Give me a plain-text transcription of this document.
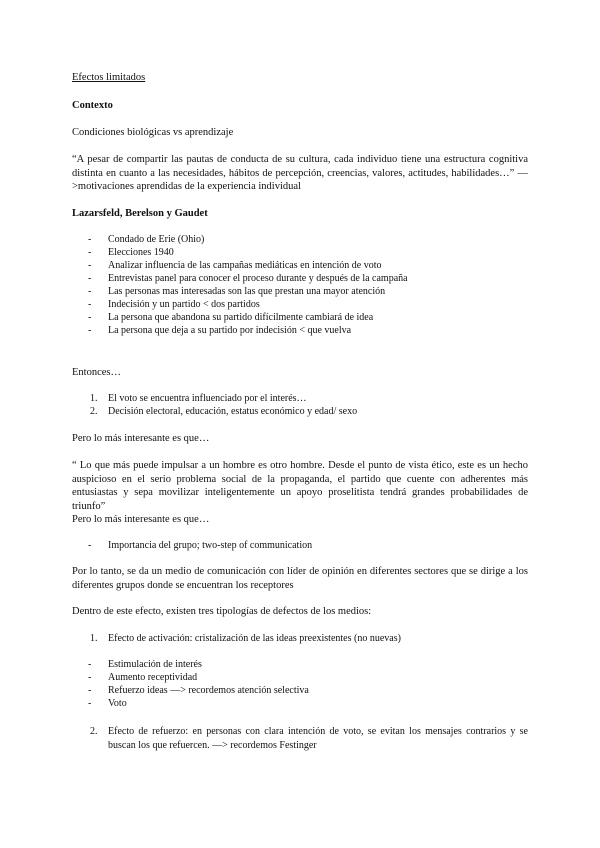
Efectos limitados
Contexto
Condiciones biológicas vs aprendizaje
“A pesar de compartir las pautas de conducta de su cultura, cada individuo tiene una estructura cognitiva distinta en cuanto a las necesidades, hábitos de percepción, creencias, valores, actitudes, habilidades…” —>motivaciones aprendidas de la experiencia individual
Lazarsfeld, Berelson y Gaudet
- Condado de Erie (Ohio)
- Elecciones 1940
- Analizar influencia de las campañas mediáticas en intención de voto
- Entrevistas panel para conocer el proceso durante y después de la campaña
- Las personas mas interesadas son las que prestan una mayor atención
- Indecisión y un partido < dos partidos
- La persona que abandona su partido difícilmente cambiará de idea
- La persona que deja a su partido por indecisión < que vuelva
Entonces…
1. El voto se encuentra influenciado por el interés…
2. Decisión electoral, educación, estatus económico y edad/ sexo
Pero lo más interesante es que…
“ Lo que más puede impulsar a un hombre es otro hombre. Desde el punto de vista ético, este es un hecho auspicioso en el serio problema social de la propaganda, el partido que cuente con adherentes más entusiastas y sepa movilizar inteligentemente un apoyo proselitista tendrá grandes probabilidades de triunfo”
Pero lo más interesante es que…
- Importancia del grupo; two-step of communication
Por lo tanto, se da un medio de comunicación con líder de opinión en diferentes sectores que se dirige a los diferentes grupos donde se encuentran los receptores
Dentro de este efecto, existen tres tipologías de defectos de los medios:
1. Efecto de activación: cristalización de las ideas preexistentes (no nuevas)
- Estimulación de interés
- Aumento receptividad
- Refuerzo ideas —> recordemos atención selectiva
- Voto
2. Efecto de refuerzo: en personas con clara intención de voto, se evitan los mensajes contrarios y se buscan los que refuercen. —> recordemos Festinger
